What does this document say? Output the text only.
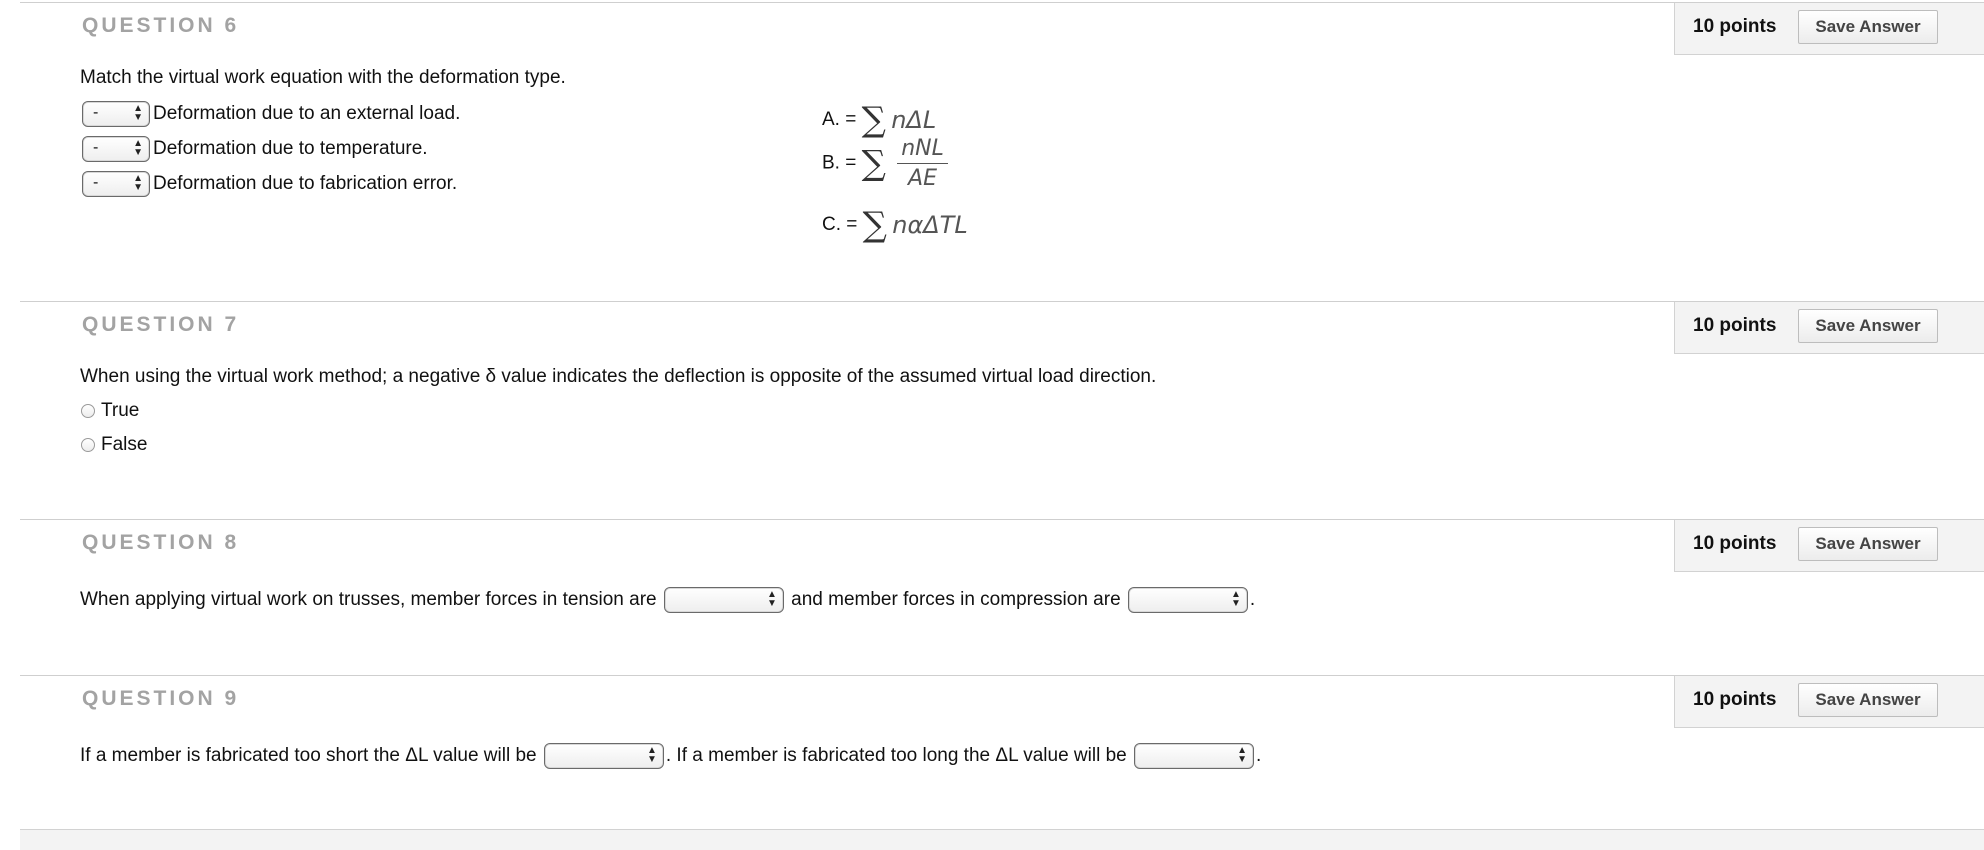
QUESTION 6	10 points	Save Answer
Match the virtual work equation with the deformation type.
-	▲
▼ Deformation due to an external load.
-	▲
▼ Deformation due to temperature.
-	▲
▼ Deformation due to fabrication error.
A. = ∑ nΔL
B. = ∑ $\frac{\text{nNL}}{AE}$
C. = ∑ nαΔTL
QUESTION 7	10 points	Save Answer
When using the virtual work method; a negative δ value indicates the deflection is opposite of the assumed virtual load direction.
True
False
QUESTION 8	10 points	Save Answer
When applying virtual work on trusses, member forces in tension are	▲
▼ and member forces in compression are	▲
▼ .
QUESTION 9	10 points	Save Answer
If a member is fabricated too short the ΔL value will be	▲
▼ . If a member is fabricated too long the ΔL value will be	▲
▼ .
